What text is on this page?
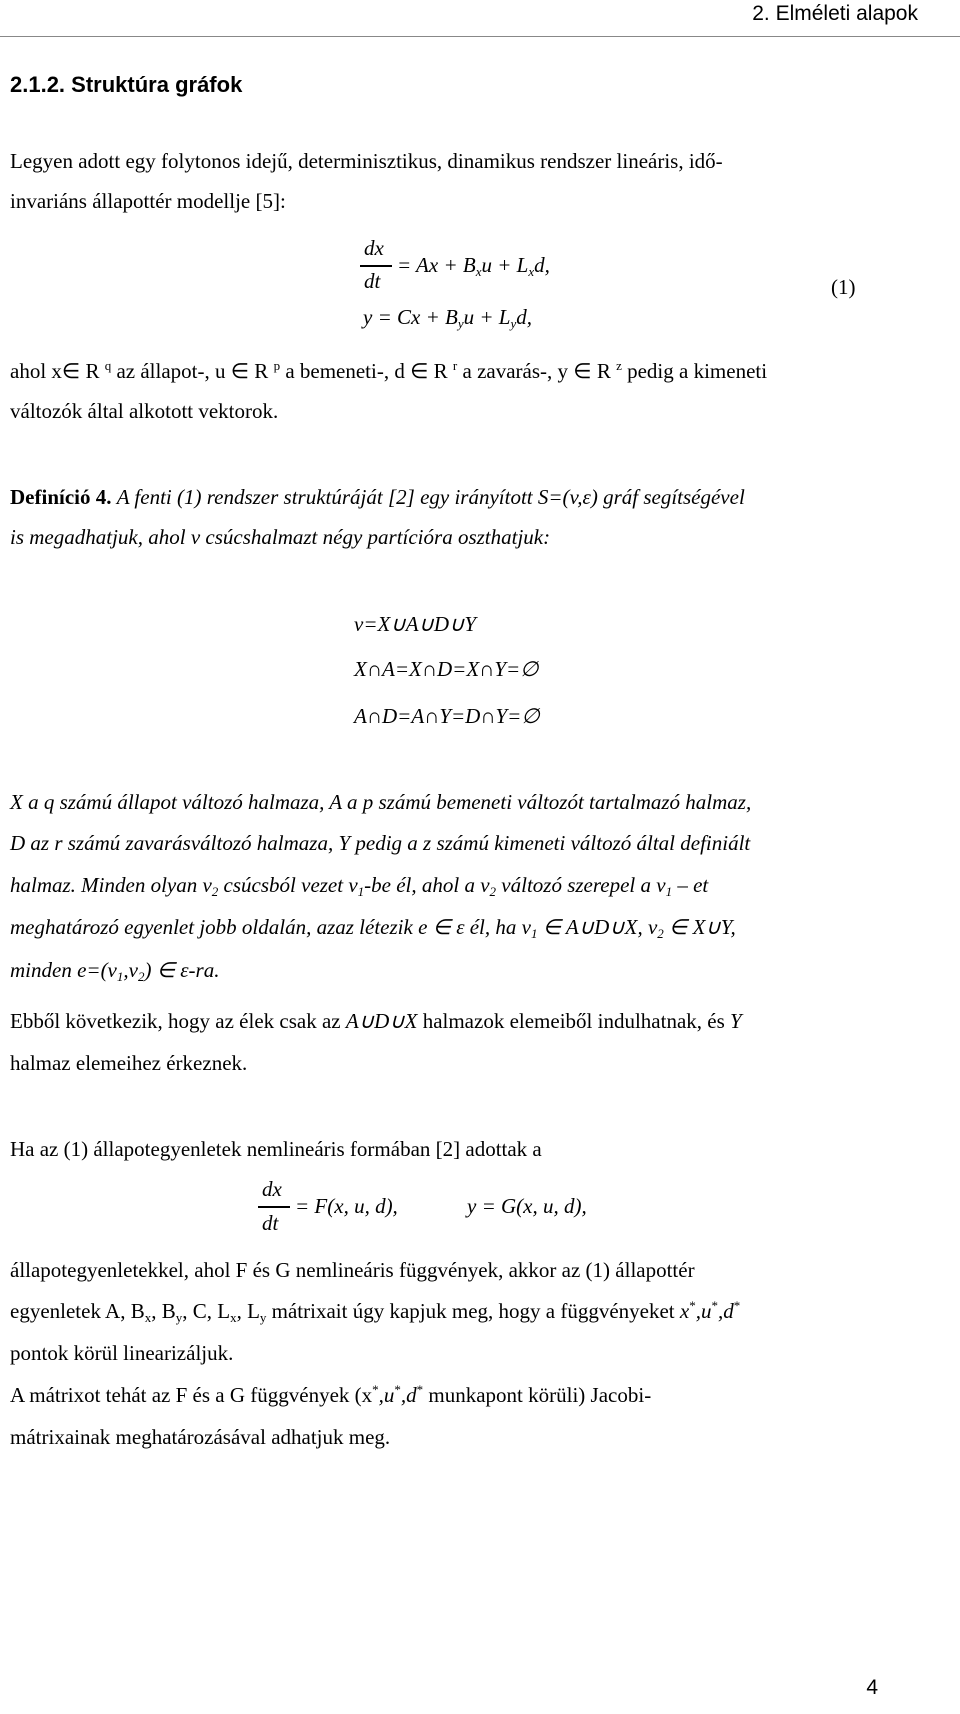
2. Elméleti alapok
2.1.2. Struktúra gráfok
Legyen adott egy folytonos idejű, determinisztikus, dinamikus rendszer lineáris, idő-
invariáns állapottér modellje [5]:
dx
dt
= $Ax + B_xu + L_xd$,
$y = Cx + B_yu + L_yd$,
(1)
ahol x∈ R $^q$ az állapot-, u ∈ R $^p$ a bemeneti-, d ∈ R $^r$ a zavarás-, y ∈ R $^z$ pedig a kimeneti
változók által alkotott vektorok.
Definíció 4. A fenti (1) rendszer struktúráját [2] egy irányított S=(v,ε) gráf segítségével
is megadhatjuk, ahol v csúcshalmazt négy partícióra oszthatjuk:
v=X∪A∪D∪Y
X∩A=X∩D=X∩Y=∅
A∩D=A∩Y=D∩Y=∅
X a q számú állapot változó halmaza, A a p számú bemeneti változót tartalmazó halmaz,
D az r számú zavarásváltozó halmaza, Y pedig a z számú kimeneti változó által definiált
halmaz. Minden olyan $v_2$ csúcsból vezet $v_1-be$ él, ahol a $v_2$ változó szerepel a $v_1$ – et
meghatározó egyenlet jobb oldalán, azaz létezik e ∈ ε él, ha $v_1$ ∈ A∪D∪X, $v_2$ ∈ X∪Y,
minden $e=(v_1,v_2)$ ∈ ε-ra.
Ebből következik, hogy az élek csak az A∪D∪X halmazok elemeiből indulhatnak, és Y
halmaz elemeihez érkeznek.
Ha az (1) állapotegyenletek nemlineáris formában [2] adottak a
dx
dt
= F(x, u, d),	y = G(x, u, d),
állapotegyenletekkel, ahol F és G nemlineáris függvények, akkor az (1) állapottér
egyenletek A, $B_x$, $B_y$, C, $L_x$, $L_y$ mátrixait úgy kapjuk meg, hogy a függvényeket x*,u*,d*
pontok körül linearizáljuk.
A mátrixot tehát az F és a G függvények (x*,u*,d* munkapont körüli) Jacobi-
mátrixainak meghatározásával adhatjuk meg.
4
